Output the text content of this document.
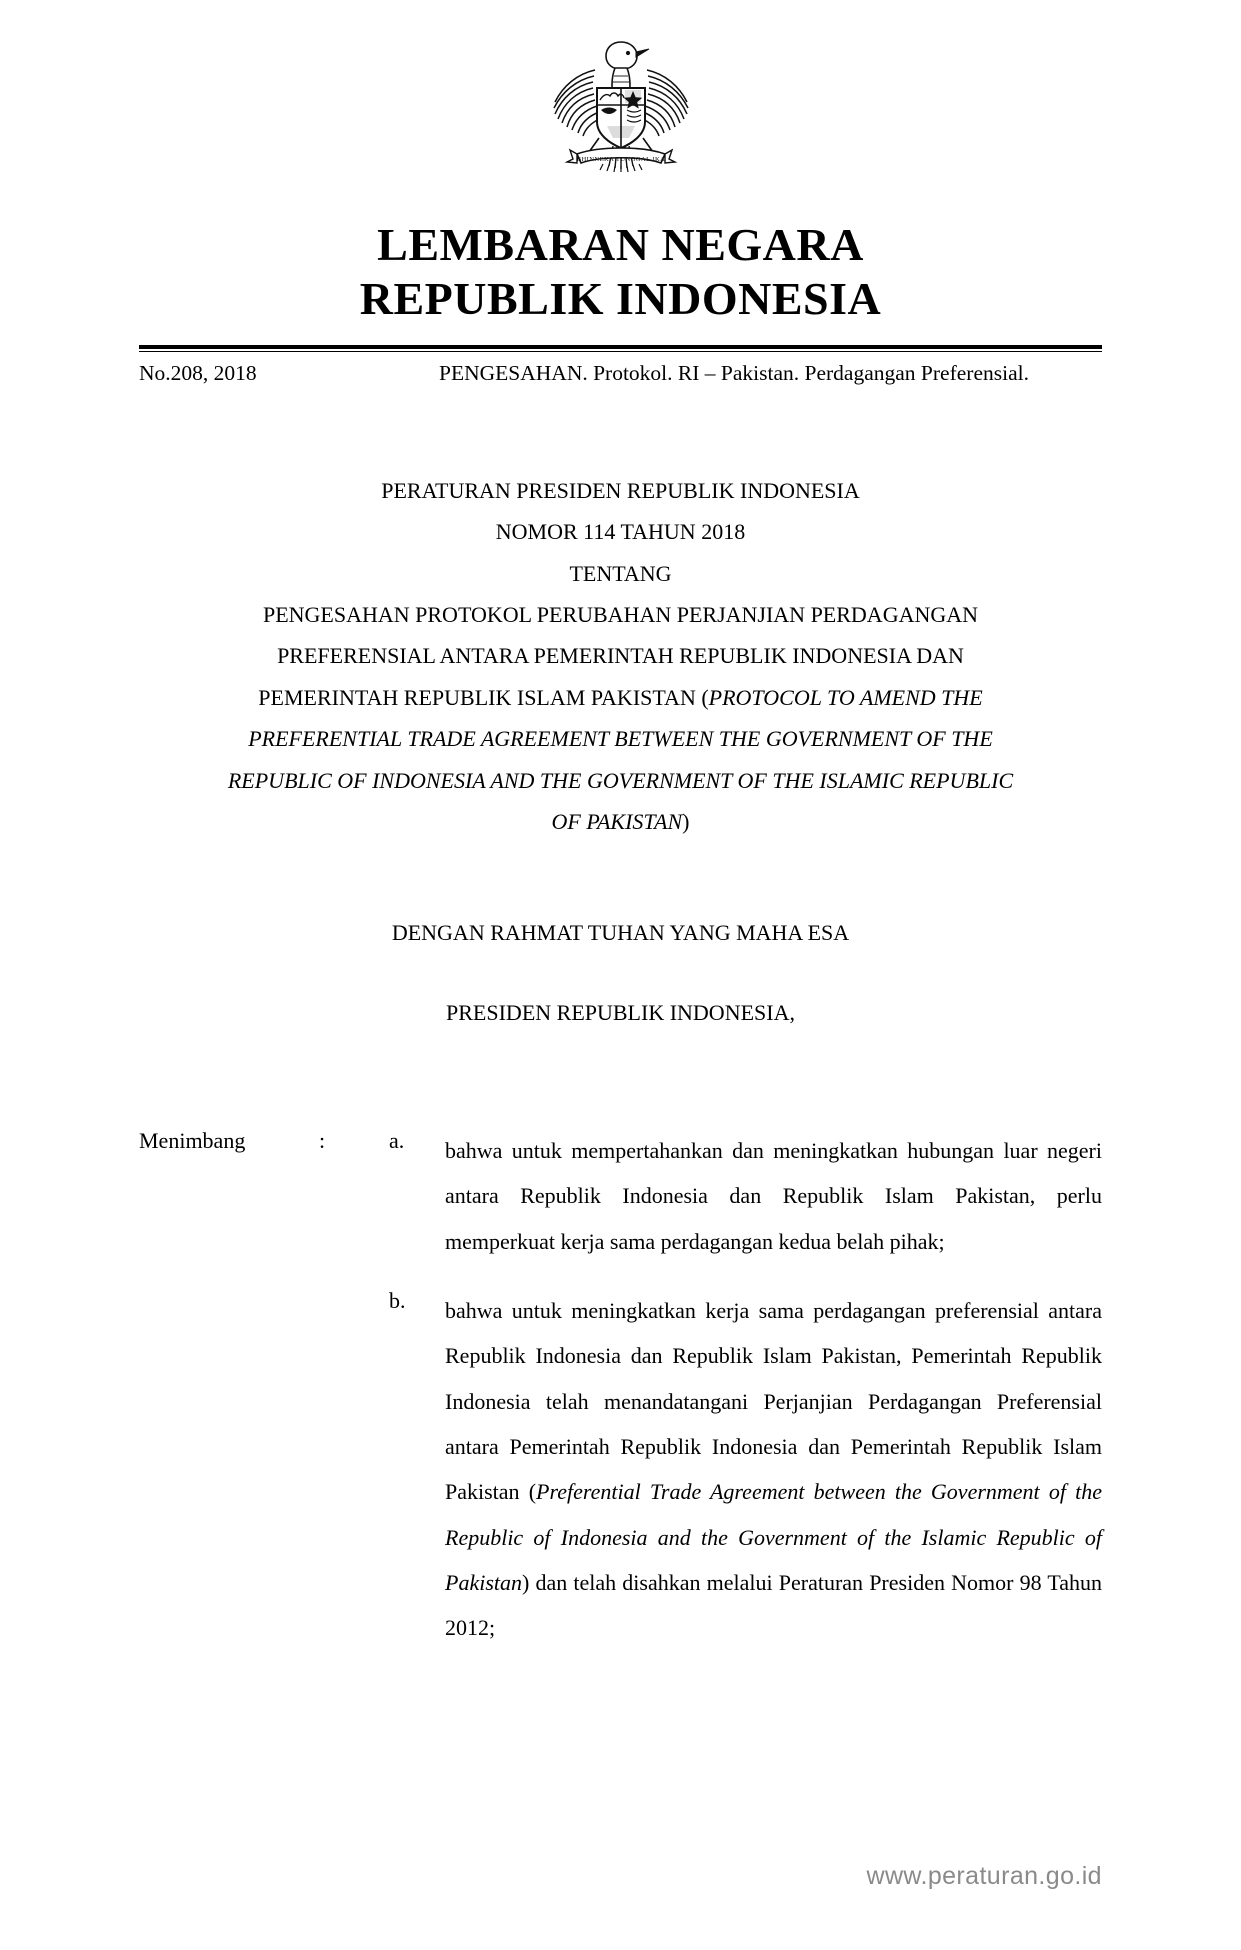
BHINNEKA TUNGGAL IKA
LEMBARAN NEGARA
REPUBLIK INDONESIA
No.208, 2018	PENGESAHAN. Protokol. RI – Pakistan. Perdagangan Preferensial.
PERATURAN PRESIDEN REPUBLIK INDONESIA
NOMOR 114 TAHUN 2018
TENTANG
PENGESAHAN PROTOKOL PERUBAHAN PERJANJIAN PERDAGANGAN
PREFERENSIAL ANTARA PEMERINTAH REPUBLIK INDONESIA DAN
PEMERINTAH REPUBLIK ISLAM PAKISTAN (PROTOCOL TO AMEND THE
PREFERENTIAL TRADE AGREEMENT BETWEEN THE GOVERNMENT OF THE
REPUBLIC OF INDONESIA AND THE GOVERNMENT OF THE ISLAMIC REPUBLIC
OF PAKISTAN)
DENGAN RAHMAT TUHAN YANG MAHA ESA
PRESIDEN REPUBLIK INDONESIA,
Menimbang	:	a. bahwa untuk mempertahankan dan meningkatkan hubungan luar negeri antara Republik Indonesia dan Republik Islam Pakistan, perlu memperkuat kerja sama perdagangan kedua belah pihak;
b. bahwa untuk meningkatkan kerja sama perdagangan preferensial antara Republik Indonesia dan Republik Islam Pakistan, Pemerintah Republik Indonesia telah menandatangani Perjanjian Perdagangan Preferensial antara Pemerintah Republik Indonesia dan Pemerintah Republik Islam Pakistan (Preferential Trade Agreement between the Government of the Republic of Indonesia and the Government of the Islamic Republic of Pakistan) dan telah disahkan melalui Peraturan Presiden Nomor 98 Tahun 2012;
www.peraturan.go.id
